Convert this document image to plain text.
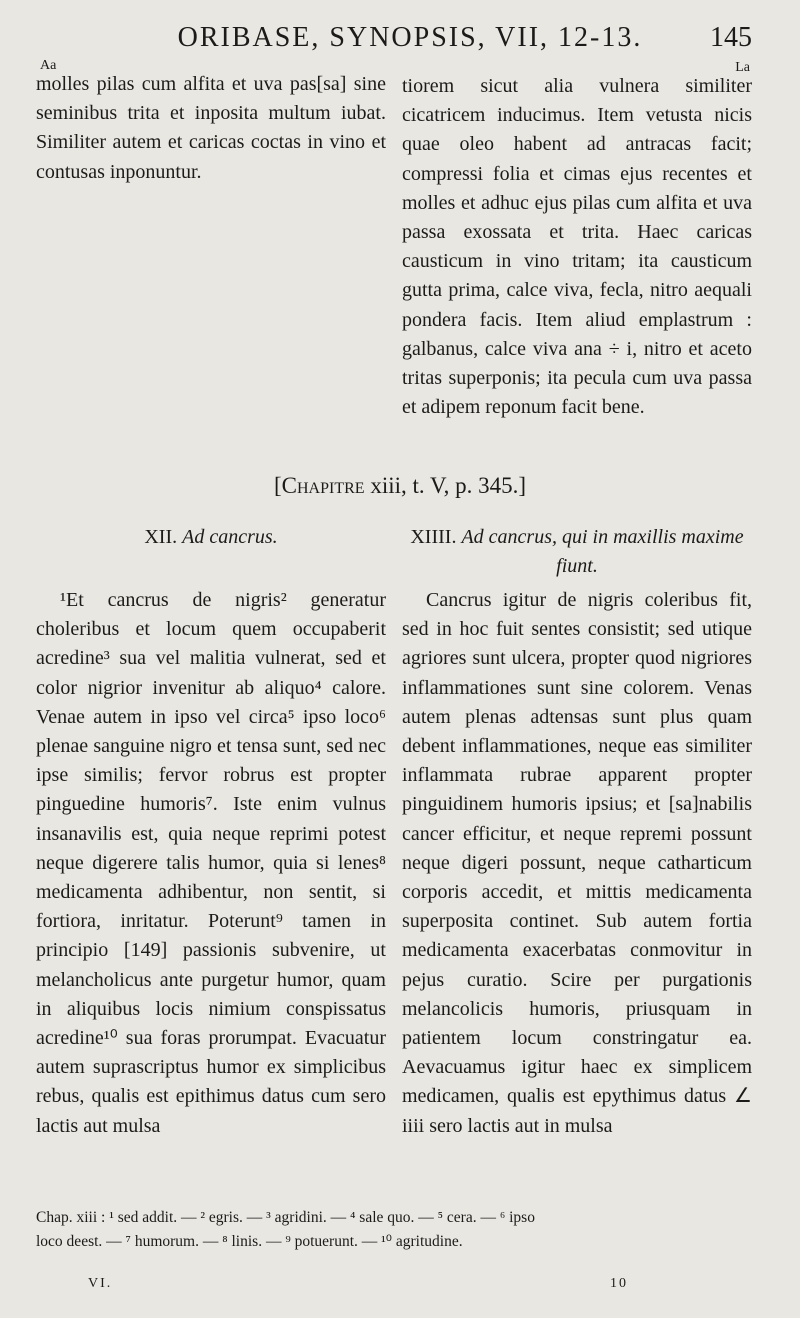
ORIBASE, SYNOPSIS, VII, 12-13.	145
Aa	La

molles pilas cum alfita et uva pas[sa] sine seminibus trita et inposita multum iubat. Similiter autem et caricas coctas in vino et contusas inponuntur.

tiorem sicut alia vulnera similiter cicatricem inducimus. Item vetusta nicis quae oleo habent ad antracas facit; compressi folia et cimas ejus recentes et molles et adhuc ejus pilas cum alfita et uva passa exossata et trita. Haec caricas causticum in vino tritam; ita causticum gutta prima, calce viva, fecla, nitro aequali pondera facis. Item aliud emplastrum : galbanus, calce viva ana ÷ i, nitro et aceto tritas superponis; ita pecula cum uva passa et adipem reponum facit bene.

[Chapitre xiii, t. V, p. 345.]
XII. Ad cancrus.	XIIII. Ad cancrus, qui in maxillis maxime fiunt.

¹Et cancrus de nigris² generatur choleribus et locum quem occupaberit acredine³ sua vel malitia vulnerat, sed et color nigrior invenitur ab aliquo⁴ calore. Venae autem in ipso vel circa⁵ ipso loco⁶ plenae sanguine nigro et tensa sunt, sed nec ipse similis; fervor robrus est propter pinguedine humoris⁷. Iste enim vulnus insanavilis est, quia neque reprimi potest neque digerere talis humor, quia si lenes⁸ medicamenta adhibentur, non sentit, si fortiora, inritatur. Poterunt⁹ tamen in principio [149] passionis subvenire, ut melancholicus ante purgetur humor, quam in aliquibus locis nimium conspissatus acredine¹⁰ sua foras prorumpat. Evacuatur autem suprascriptus humor ex simplicibus rebus, qualis est epithimus datus cum sero lactis aut mulsa

Cancrus igitur de nigris coleribus fit, sed in hoc fuit sentes consistit; sed utique agriores sunt ulcera, propter quod nigriores inflammationes sunt sine colorem. Venas autem plenas adtensas sunt plus quam debent inflammationes, neque eas similiter inflammata rubrae apparent propter pinguidinem humoris ipsius; et [sa]nabilis cancer efficitur, et neque repremi possunt neque digeri possunt, neque catharticum corporis accedit, et mittis medicamenta superposita continet. Sub autem fortia medicamenta exacerbatas conmovitur in pejus curatio. Scire per purgationis melancolicis humoris, priusquam in patientem locum constringatur ea. Aevacuamus igitur haec ex simplicem medicamen, qualis est epythimus datus ∠ iiii sero lactis aut in mulsa

Chap. xiii : ¹ sed addit. — ² egris. — ³ agridini. — ⁴ sale quo. — ⁵ cera. — ⁶ ipso

loco deest. — ⁷ humorum. — ⁸ linis. — ⁹ potuerunt. — ¹⁰ agritudine.

VI.	10
